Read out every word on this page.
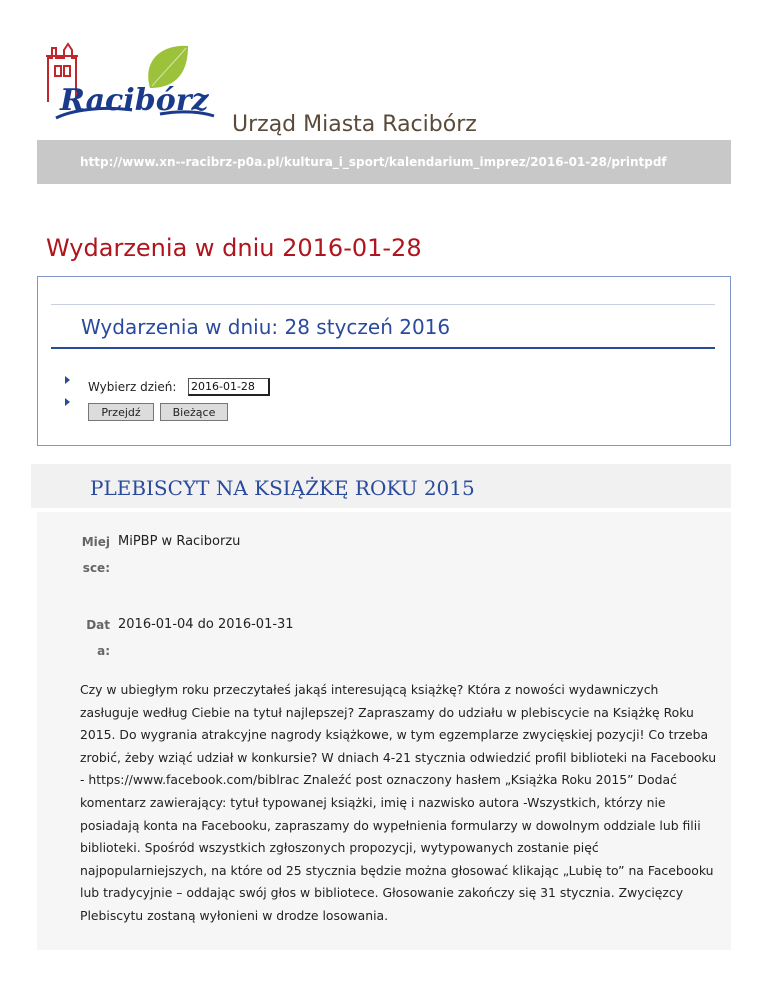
Racibórz
Urząd Miasta Racibórz
http://www.xn--racibrz-p0a.pl/kultura_i_sport/kalendarium_imprez/2016-01-28/printpdf
Wydarzenia w dniu 2016-01-28
Wydarzenia w dniu: 28 styczeń 2016
Wybierz dzień:
2016-01-28
Przejdź	Bieżące
PLEBISCYT NA KSIĄŻKĘ ROKU 2015
Miejsce:
MiPBP w Raciborzu
Data:
2016-01-04 do 2016-01-31
Czy w ubiegłym roku przeczytałeś jakąś interesującą książkę? Która z nowości wydawniczych zasługuje według Ciebie na tytuł najlepszej? Zapraszamy do udziału w plebiscycie na Książkę Roku 2015. Do wygrania atrakcyjne nagrody książkowe, w tym egzemplarze zwycięskiej pozycji! Co trzeba zrobić, żeby wziąć udział w konkursie? W dniach 4-21 stycznia odwiedzić profil biblioteki na Facebooku - https://www.facebook.com/biblrac Znaleźć post oznaczony hasłem „Książka Roku 2015” Dodać komentarz zawierający: tytuł typowanej książki, imię i nazwisko autora -Wszystkich, którzy nie posiadają konta na Facebooku, zapraszamy do wypełnienia formularzy w dowolnym oddziale lub filii biblioteki. Spośród wszystkich zgłoszonych propozycji, wytypowanych zostanie pięć najpopularniejszych, na które od 25 stycznia będzie można głosować klikając „Lubię to” na Facebooku lub tradycyjnie – oddając swój głos w bibliotece. Głosowanie zakończy się 31 stycznia. Zwycięzcy Plebiscytu zostaną wyłonieni w drodze losowania.
